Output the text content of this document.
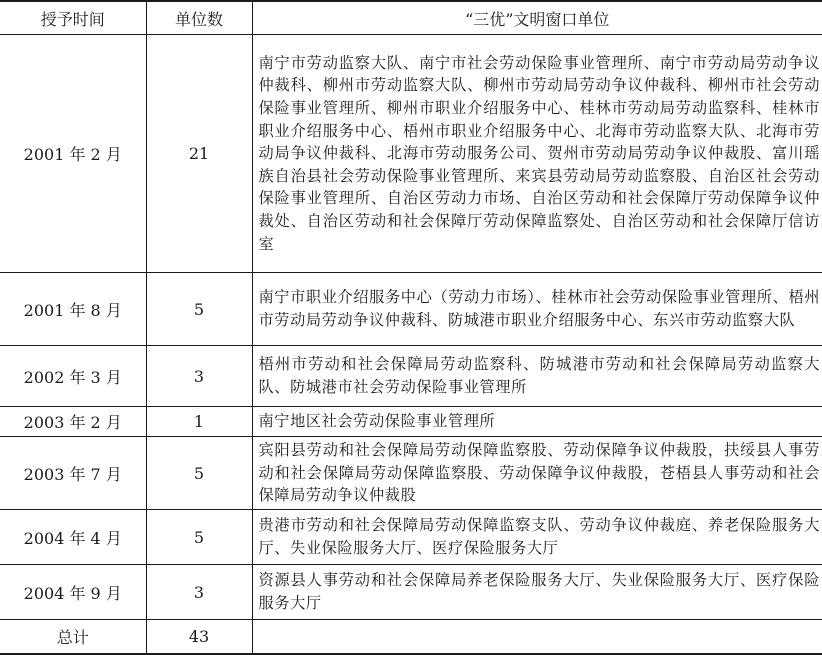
授予时间	单位数	“三优”文明窗口单位
2001 年 2 月	21	南宁市劳动监察大队、南宁市社会劳动保险事业管理所、南宁市劳动局劳动争议仲裁科、柳州市劳动监察大队、柳州市劳动局劳动争议仲裁科、柳州市社会劳动保险事业管理所、柳州市职业介绍服务中心、桂林市劳动局劳动监察科、桂林市职业介绍服务中心、梧州市职业介绍服务中心、北海市劳动监察大队、北海市劳动局争议仲裁科、北海市劳动服务公司、贺州市劳动局劳动争议仲裁股、富川瑶族自治县社会劳动保险事业管理所、来宾县劳动局劳动监察股、自治区社会劳动保险事业管理所、自治区劳动力市场、自治区劳动和社会保障厅劳动保障争议仲裁处、自治区劳动和社会保障厅劳动保障监察处、自治区劳动和社会保障厅信访室
2001 年 8 月	5	南宁市职业介绍服务中心（劳动力市场）、桂林市社会劳动保险事业管理所、梧州市劳动局劳动争议仲裁科、防城港市职业介绍服务中心、东兴市劳动监察大队
2002 年 3 月	3	梧州市劳动和社会保障局劳动监察科、防城港市劳动和社会保障局劳动监察大队、防城港市社会劳动保险事业管理所
2003 年 2 月	1	南宁地区社会劳动保险事业管理所
2003 年 7 月	5	宾阳县劳动和社会保障局劳动保障监察股、劳动保障争议仲裁股，扶绥县人事劳动和社会保障局劳动保障监察股、劳动保障争议仲裁股，苍梧县人事劳动和社会保障局劳动争议仲裁股
2004 年 4 月	5	贵港市劳动和社会保障局劳动保障监察支队、劳动争议仲裁庭、养老保险服务大厅、失业保险服务大厅、医疗保险服务大厅
2004 年 9 月	3	资源县人事劳动和社会保障局养老保险服务大厅、失业保险服务大厅、医疗保险服务大厅
总计	43	
